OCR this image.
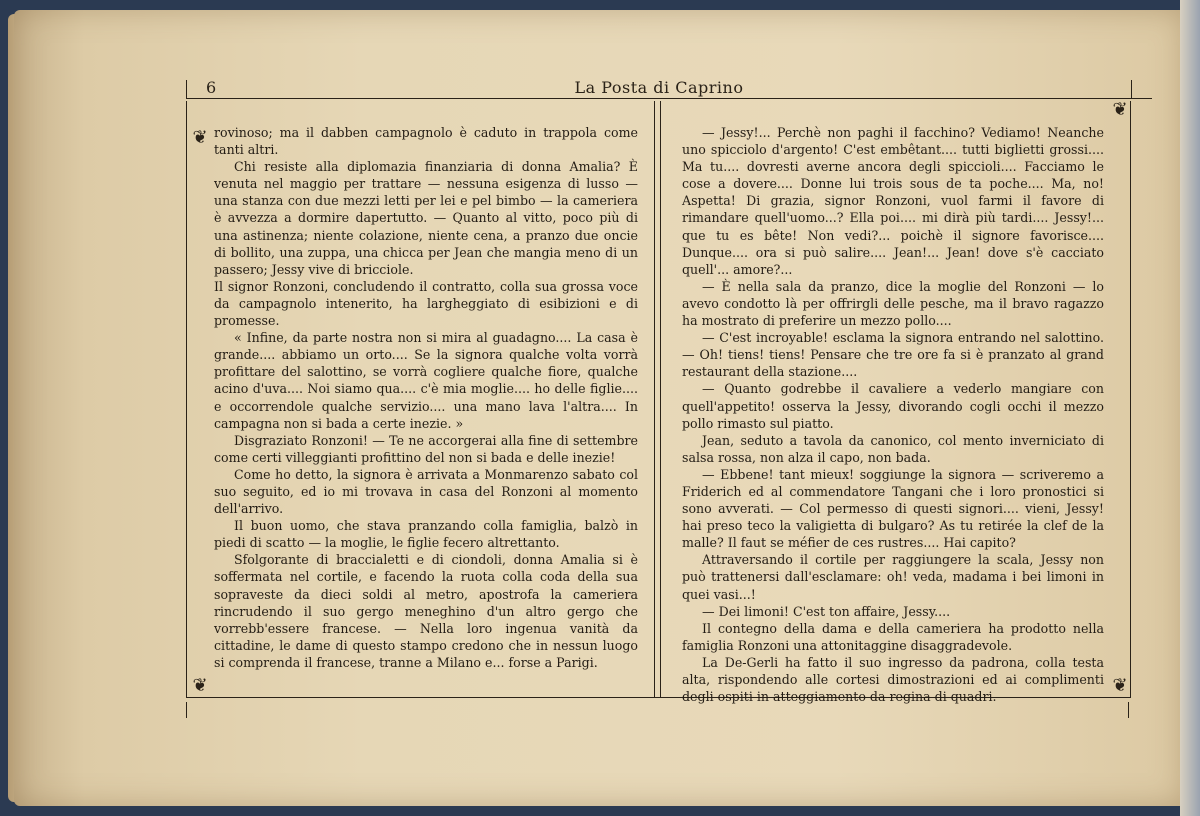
6	La Posta di Caprino
❦
❦
❦	❦

rovinoso; ma il dabben campagnolo è caduto in trappola come tanti altri.

Chi resiste alla diplomazia finanziaria di donna Amalia? È venuta nel maggio per trattare — nessuna esigenza di lusso — una stanza con due mezzi letti per lei e pel bimbo — la cameriera è avvezza a dormire dapertutto. — Quanto al vitto, poco più di una astinenza; niente colazione, niente cena, a pranzo due oncie di bollito, una zuppa, una chicca per Jean che mangia meno di un passero; Jessy vive di bricciole.

Il signor Ronzoni, concludendo il contratto, colla sua grossa voce da campagnolo intenerito, ha largheggiato di esibizioni e di promesse.

« Infine, da parte nostra non si mira al guadagno.... La casa è grande.... abbiamo un orto.... Se la signora qualche volta vorrà profittare del salottino, se vorrà cogliere qualche fiore, qualche acino d'uva.... Noi siamo qua.... c'è mia moglie.... ho delle figlie.... e occorrendole qualche servizio.... una mano lava l'altra.... In campagna non si bada a certe inezie. »

Disgraziato Ronzoni! — Te ne accorgerai alla fine di settembre come certi villeggianti profittino del non si bada e delle inezie!

Come ho detto, la signora è arrivata a Monmarenzo sabato col suo seguito, ed io mi trovava in casa del Ronzoni al momento dell'arrivo.

Il buon uomo, che stava pranzando colla famiglia, balzò in piedi di scatto — la moglie, le figlie fecero altrettanto.

Sfolgorante di braccialetti e di ciondoli, donna Amalia si è soffermata nel cortile, e facendo la ruota colla coda della sua sopraveste da dieci soldi al metro, apostrofa la cameriera rincrudendo il suo gergo meneghino d'un altro gergo che vorrebb'essere francese. — Nella loro ingenua vanità da cittadine, le dame di questo stampo credono che in nessun luogo si comprenda il francese, tranne a Milano e... forse a Parigi.

— Jessy!... Perchè non paghi il facchino? Vediamo! Neanche uno spicciolo d'argento! C'est embêtant.... tutti biglietti grossi.... Ma tu.... dovresti averne ancora degli spiccioli.... Facciamo le cose a dovere.... Donne lui trois sous de ta poche.... Ma, no! Aspetta! Di grazia, signor Ronzoni, vuol farmi il favore di rimandare quell'uomo...? Ella poi.... mi dirà più tardi.... Jessy!... que tu es bête! Non vedi?... poichè il signore favorisce.... Dunque.... ora si può salire.... Jean!... Jean! dove s'è cacciato quell'... amore?...

— È nella sala da pranzo, dice la moglie del Ronzoni — lo avevo condotto là per offrirgli delle pesche, ma il bravo ragazzo ha mostrato di preferire un mezzo pollo....

— C'est incroyable! esclama la signora entrando nel salottino. — Oh! tiens! tiens! Pensare che tre ore fa si è pranzato al grand restaurant della stazione....

— Quanto godrebbe il cavaliere a vederlo mangiare con quell'appetito! osserva la Jessy, divorando cogli occhi il mezzo pollo rimasto sul piatto.

Jean, seduto a tavola da canonico, col mento inverniciato di salsa rossa, non alza il capo, non bada.

— Ebbene! tant mieux! soggiunge la signora — scriveremo a Friderich ed al commendatore Tangani che i loro pronostici si sono avverati. — Col permesso di questi signori.... vieni, Jessy! hai preso teco la valigietta di bulgaro? As tu retirée la clef de la malle? Il faut se méfier de ces rustres.... Hai capito?

Attraversando il cortile per raggiungere la scala, Jessy non può trattenersi dall'esclamare: oh! veda, madama i bei limoni in quei vasi...!

— Dei limoni! C'est ton affaire, Jessy....

Il contegno della dama e della cameriera ha prodotto nella famiglia Ronzoni una attonitaggine disaggradevole.

La De-Gerli ha fatto il suo ingresso da padrona, colla testa alta, rispondendo alle cortesi dimostrazioni ed ai complimenti degli ospiti in atteggiamento da regina di quadri.
